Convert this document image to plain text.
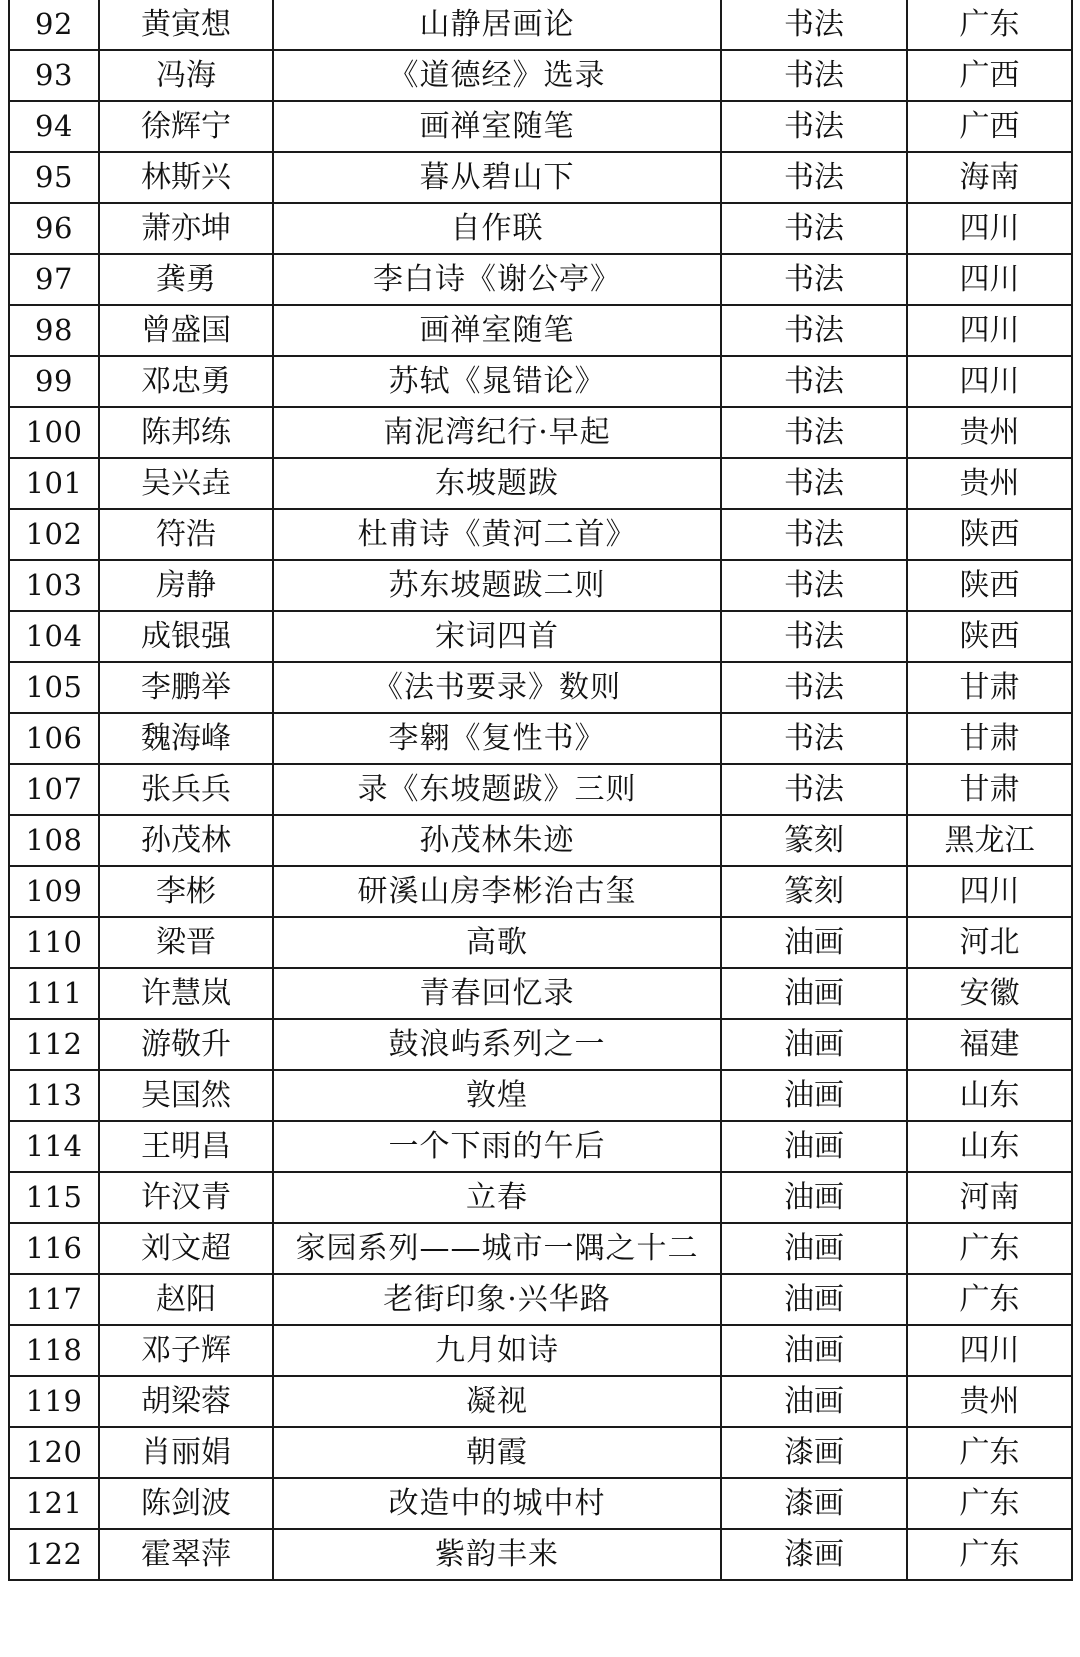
92	黄寅想	山静居画论	书法	广东
93	冯海	《道德经》选录	书法	广西
94	徐辉宁	画禅室随笔	书法	广西
95	林斯兴	暮从碧山下	书法	海南
96	萧亦坤	自作联	书法	四川
97	龚勇	李白诗《谢公亭》	书法	四川
98	曾盛国	画禅室随笔	书法	四川
99	邓忠勇	苏轼《晁错论》	书法	四川
100	陈邦练	南泥湾纪行·早起	书法	贵州
101	吴兴垚	东坡题跋	书法	贵州
102	符浩	杜甫诗《黄河二首》	书法	陕西
103	房静	苏东坡题跋二则	书法	陕西
104	成银强	宋词四首	书法	陕西
105	李鹏举	《法书要录》数则	书法	甘肃
106	魏海峰	李翱《复性书》	书法	甘肃
107	张兵兵	录《东坡题跋》三则	书法	甘肃
108	孙茂林	孙茂林朱迹	篆刻	黑龙江
109	李彬	研溪山房李彬治古玺	篆刻	四川
110	梁晋	高歌	油画	河北
111	许慧岚	青春回忆录	油画	安徽
112	游敬升	鼓浪屿系列之一	油画	福建
113	吴国然	敦煌	油画	山东
114	王明昌	一个下雨的午后	油画	山东
115	许汉青	立春	油画	河南
116	刘文超	家园系列——城市一隅之十二	油画	广东
117	赵阳	老街印象·兴华路	油画	广东
118	邓子辉	九月如诗	油画	四川
119	胡梁蓉	凝视	油画	贵州
120	肖丽娟	朝霞	漆画	广东
121	陈剑波	改造中的城中村	漆画	广东
122	霍翠萍	紫韵丰来	漆画	广东
